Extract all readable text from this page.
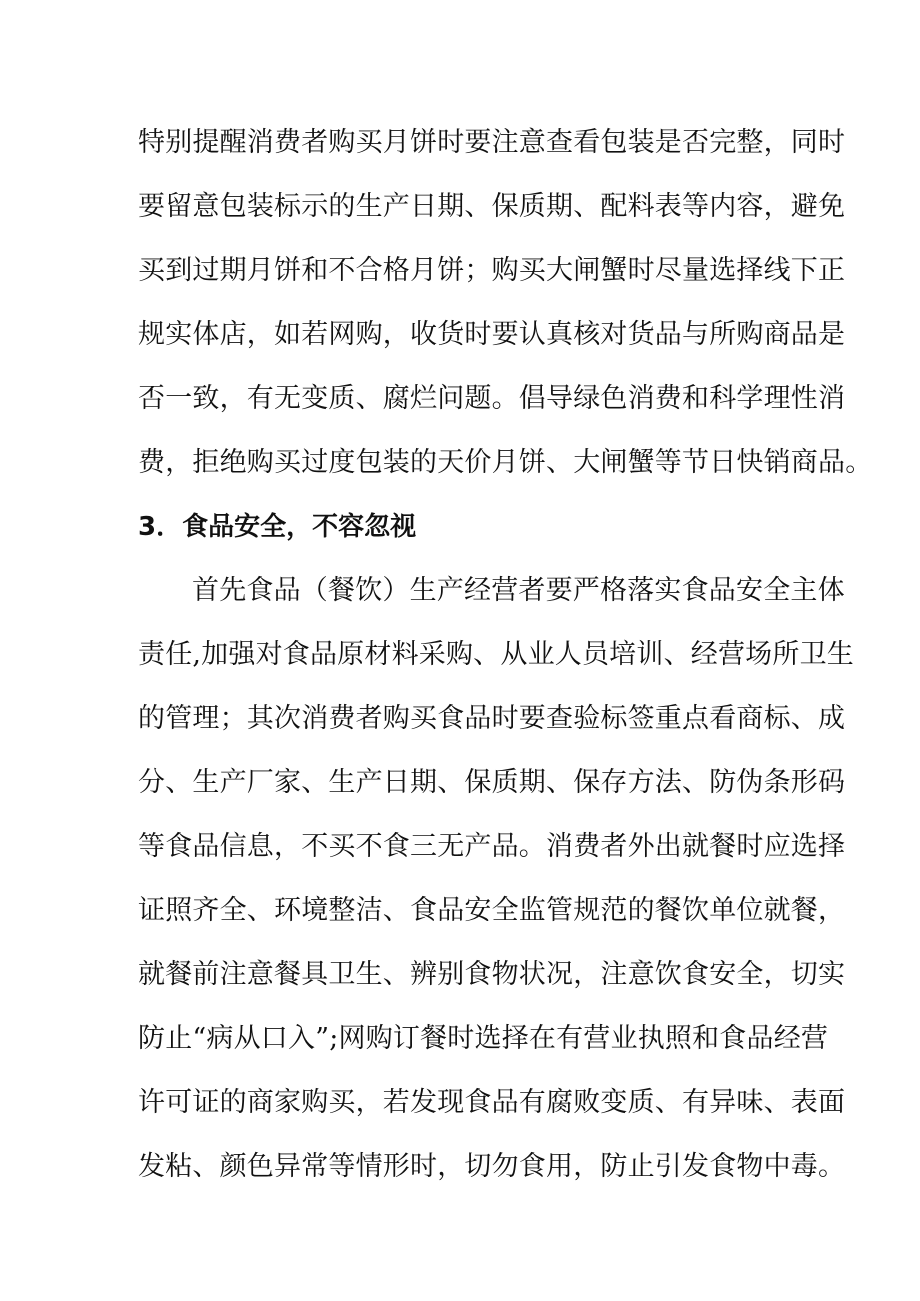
特别提醒消费者购买月饼时要注意查看包装是否完整，同时
要留意包装标示的生产日期、保质期、配料表等内容，避免
买到过期月饼和不合格月饼；购买大闸蟹时尽量选择线下正
规实体店，如若网购，收货时要认真核对货品与所购商品是
否一致，有无变质、腐烂问题。倡导绿色消费和科学理性消
费，拒绝购买过度包装的天价月饼、大闸蟹等节日快销商品。
3．食品安全，不容忽视
首先食品（餐饮）生产经营者要严格落实食品安全主体
责任,加强对食品原材料采购、从业人员培训、经营场所卫生
的管理；其次消费者购买食品时要查验标签重点看商标、成
分、生产厂家、生产日期、保质期、保存方法、防伪条形码
等食品信息，不买不食三无产品。消费者外出就餐时应选择
证照齐全、环境整洁、食品安全监管规范的餐饮单位就餐，
就餐前注意餐具卫生、辨别食物状况，注意饮食安全，切实
防止“病从口入”;网购订餐时选择在有营业执照和食品经营
许可证的商家购买，若发现食品有腐败变质、有异味、表面
发粘、颜色异常等情形时，切勿食用，防止引发食物中毒。
